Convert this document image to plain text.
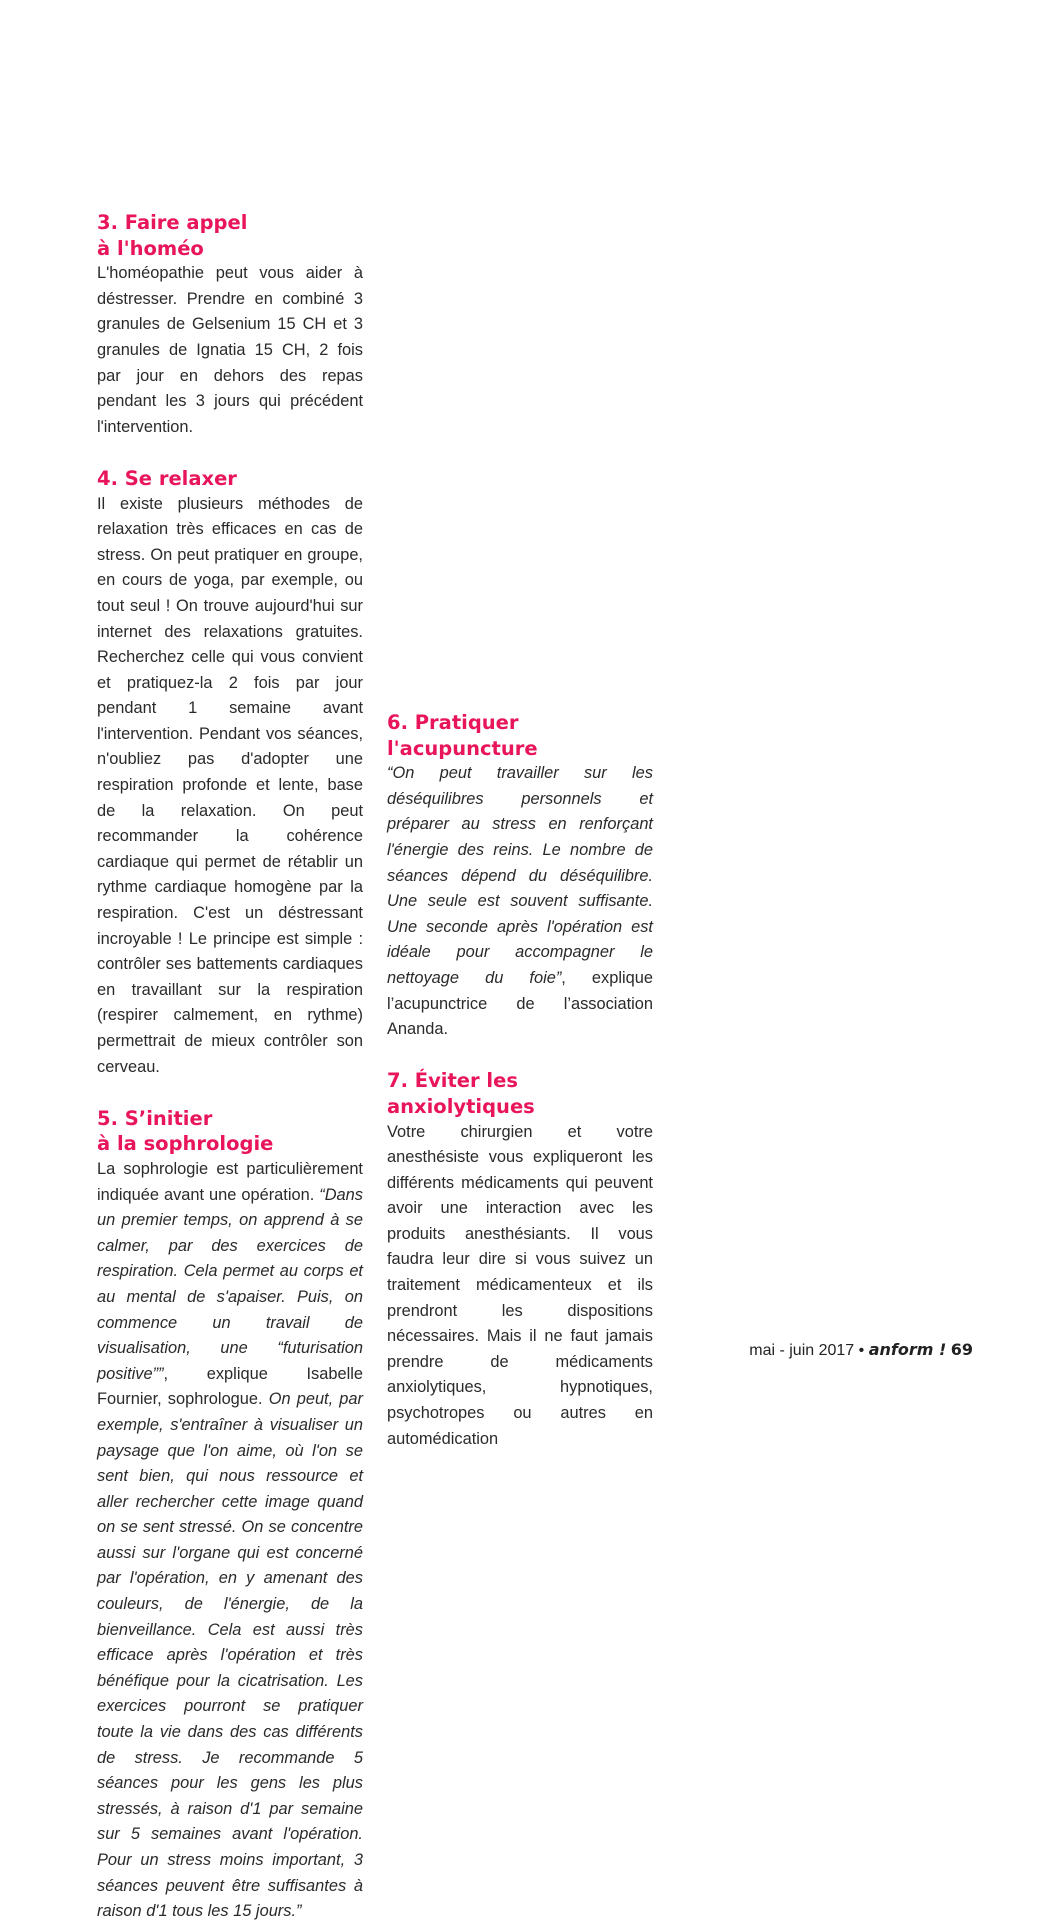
3. Faire appel
à l'homéo

L'homéopathie peut vous aider à déstresser. Prendre en combiné 3 granules de Gelsenium 15 CH et 3 granules de Ignatia 15 CH, 2 fois par jour en dehors des repas pendant les 3 jours qui précédent l'intervention.

4. Se relaxer

Il existe plusieurs méthodes de relaxation très efficaces en cas de stress. On peut pratiquer en groupe, en cours de yoga, par exemple, ou tout seul ! On trouve aujourd'hui sur internet des relaxations gratuites. Recherchez celle qui vous convient et pratiquez-la 2 fois par jour pendant 1 semaine avant l'intervention. Pendant vos séances, n'oubliez pas d'adopter une respiration profonde et lente, base de la relaxation. On peut recommander la cohérence cardiaque qui permet de rétablir un rythme cardiaque homogène par la respiration. C'est un déstressant incroyable ! Le principe est simple : contrôler ses battements cardiaques en travaillant sur la respiration (respirer calmement, en rythme) permettrait de mieux contrôler son cerveau.

5. S’initier
à la sophrologie

La sophrologie est particulièrement indiquée avant une opération. “Dans un premier temps, on apprend à se calmer, par des exercices de respiration. Cela permet au corps et au mental de s'apaiser. Puis, on commence un travail de visualisation, une “futurisation positive””, explique Isabelle Fournier, sophrologue. On peut, par exemple, s'entraîner à visualiser un paysage que l'on aime, où l'on se sent bien, qui nous ressource et aller rechercher cette image quand on se sent stressé. On se concentre aussi sur l'organe qui est concerné par l'opération, en y amenant des couleurs, de l'énergie, de la bienveillance. Cela est aussi très efficace après l'opération et très bénéfique pour la cicatrisation. Les exercices pourront se pratiquer toute la vie dans des cas différents de stress. Je recommande 5 séances pour les gens les plus stressés, à raison d'1 par semaine sur 5 semaines avant l'opération. Pour un stress moins important, 3 séances peuvent être suffisantes à raison d'1 tous les 15 jours.”

6. Pratiquer
l'acupuncture

“On peut travailler sur les déséquilibres personnels et préparer au stress en renforçant l'énergie des reins. Le nombre de séances dépend du déséquilibre. Une seule est souvent suffisante. Une seconde après l'opération est idéale pour accompagner le nettoyage du foie”, explique l’acupunctrice de l’association Ananda.

7. Éviter les anxiolytiques

Votre chirurgien et votre anesthésiste vous expliqueront les différents médicaments qui peuvent avoir une interaction avec les produits anesthésiants. Il vous faudra leur dire si vous suivez un traitement médicamenteux et ils prendront les dispositions nécessaires. Mais il ne faut jamais prendre de médicaments anxiolytiques, hypnotiques, psychotropes ou autres en automédication

mai - juin 2017 • anform ! 69
